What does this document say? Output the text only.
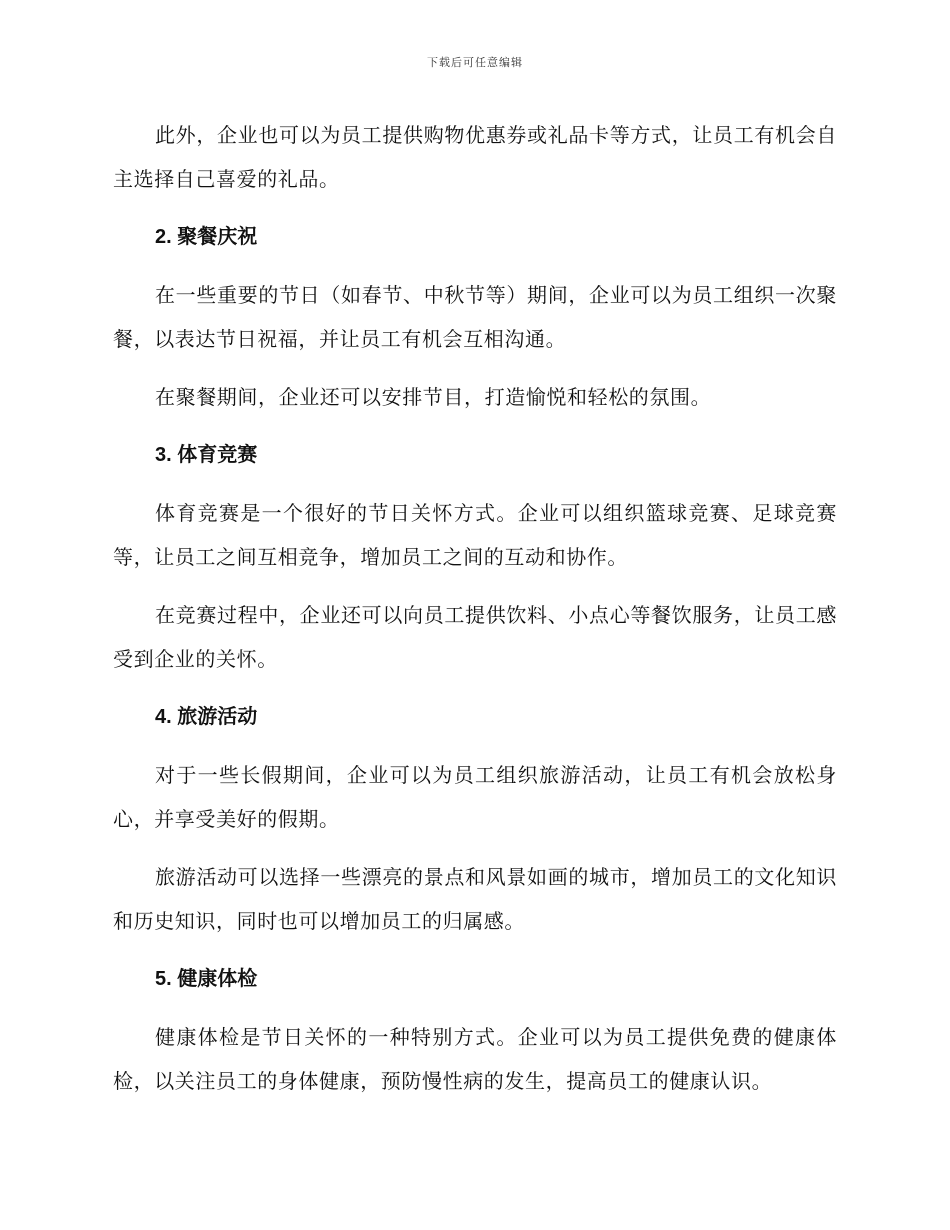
下载后可任意编辑

此外，企业也可以为员工提供购物优惠券或礼品卡等方式，让员工有机会自主选择自己喜爱的礼品。

2. 聚餐庆祝

在一些重要的节日（如春节、中秋节等）期间，企业可以为员工组织一次聚餐，以表达节日祝福，并让员工有机会互相沟通。

在聚餐期间，企业还可以安排节目，打造愉悦和轻松的氛围。

3. 体育竞赛

体育竞赛是一个很好的节日关怀方式。企业可以组织篮球竞赛、足球竞赛等，让员工之间互相竞争，增加员工之间的互动和协作。

在竞赛过程中，企业还可以向员工提供饮料、小点心等餐饮服务，让员工感受到企业的关怀。

4. 旅游活动

对于一些长假期间，企业可以为员工组织旅游活动，让员工有机会放松身心，并享受美好的假期。

旅游活动可以选择一些漂亮的景点和风景如画的城市，增加员工的文化知识和历史知识，同时也可以增加员工的归属感。

5. 健康体检

健康体检是节日关怀的一种特别方式。企业可以为员工提供免费的健康体检，以关注员工的身体健康，预防慢性病的发生，提高员工的健康认识。
